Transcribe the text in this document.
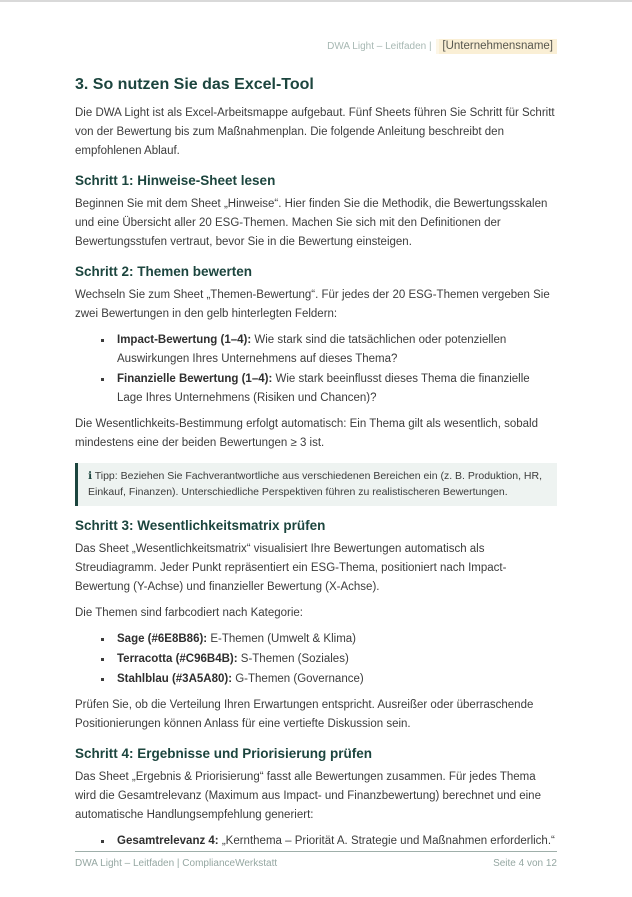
DWA Light – Leitfaden | [Unternehmensname]
3. So nutzen Sie das Excel-Tool

Die DWA Light ist als Excel-Arbeitsmappe aufgebaut. Fünf Sheets führen Sie Schritt für Schritt von der Bewertung bis zum Maßnahmenplan. Die folgende Anleitung beschreibt den empfohlenen Ablauf.

Schritt 1: Hinweise-Sheet lesen

Beginnen Sie mit dem Sheet „Hinweise“. Hier finden Sie die Methodik, die Bewertungsskalen und eine Übersicht aller 20 ESG-Themen. Machen Sie sich mit den Definitionen der Bewertungsstufen vertraut, bevor Sie in die Bewertung einsteigen.

Schritt 2: Themen bewerten

Wechseln Sie zum Sheet „Themen-Bewertung“. Für jedes der 20 ESG-Themen vergeben Sie zwei Bewertungen in den gelb hinterlegten Feldern:

Impact-Bewertung (1–4): Wie stark sind die tatsächlichen oder potenziellen Auswirkungen Ihres Unternehmens auf dieses Thema?
Finanzielle Bewertung (1–4): Wie stark beeinflusst dieses Thema die finanzielle Lage Ihres Unternehmens (Risiken und Chancen)?

Die Wesentlichkeits-Bestimmung erfolgt automatisch: Ein Thema gilt als wesentlich, sobald mindestens eine der beiden Bewertungen ≥ 3 ist.

ℹ Tipp: Beziehen Sie Fachverantwortliche aus verschiedenen Bereichen ein (z. B. Produktion, HR, Einkauf, Finanzen). Unterschiedliche Perspektiven führen zu realistischeren Bewertungen.
Schritt 3: Wesentlichkeitsmatrix prüfen

Das Sheet „Wesentlichkeitsmatrix“ visualisiert Ihre Bewertungen automatisch als Streudiagramm. Jeder Punkt repräsentiert ein ESG-Thema, positioniert nach Impact-Bewertung (Y-Achse) und finanzieller Bewertung (X-Achse).

Die Themen sind farbcodiert nach Kategorie:

Sage (#6E8B86): E-Themen (Umwelt & Klima)
Terracotta (#C96B4B): S-Themen (Soziales)
Stahlblau (#3A5A80): G-Themen (Governance)

Prüfen Sie, ob die Verteilung Ihren Erwartungen entspricht. Ausreißer oder überraschende Positionierungen können Anlass für eine vertiefte Diskussion sein.

Schritt 4: Ergebnisse und Priorisierung prüfen

Das Sheet „Ergebnis & Priorisierung“ fasst alle Bewertungen zusammen. Für jedes Thema wird die Gesamtrelevanz (Maximum aus Impact- und Finanzbewertung) berechnet und eine automatische Handlungsempfehlung generiert:

Gesamtrelevanz 4: „Kernthema – Priorität A. Strategie und Maßnahmen erforderlich.“
DWA Light – Leitfaden | ComplianceWerkstatt	Seite 4 von 12
